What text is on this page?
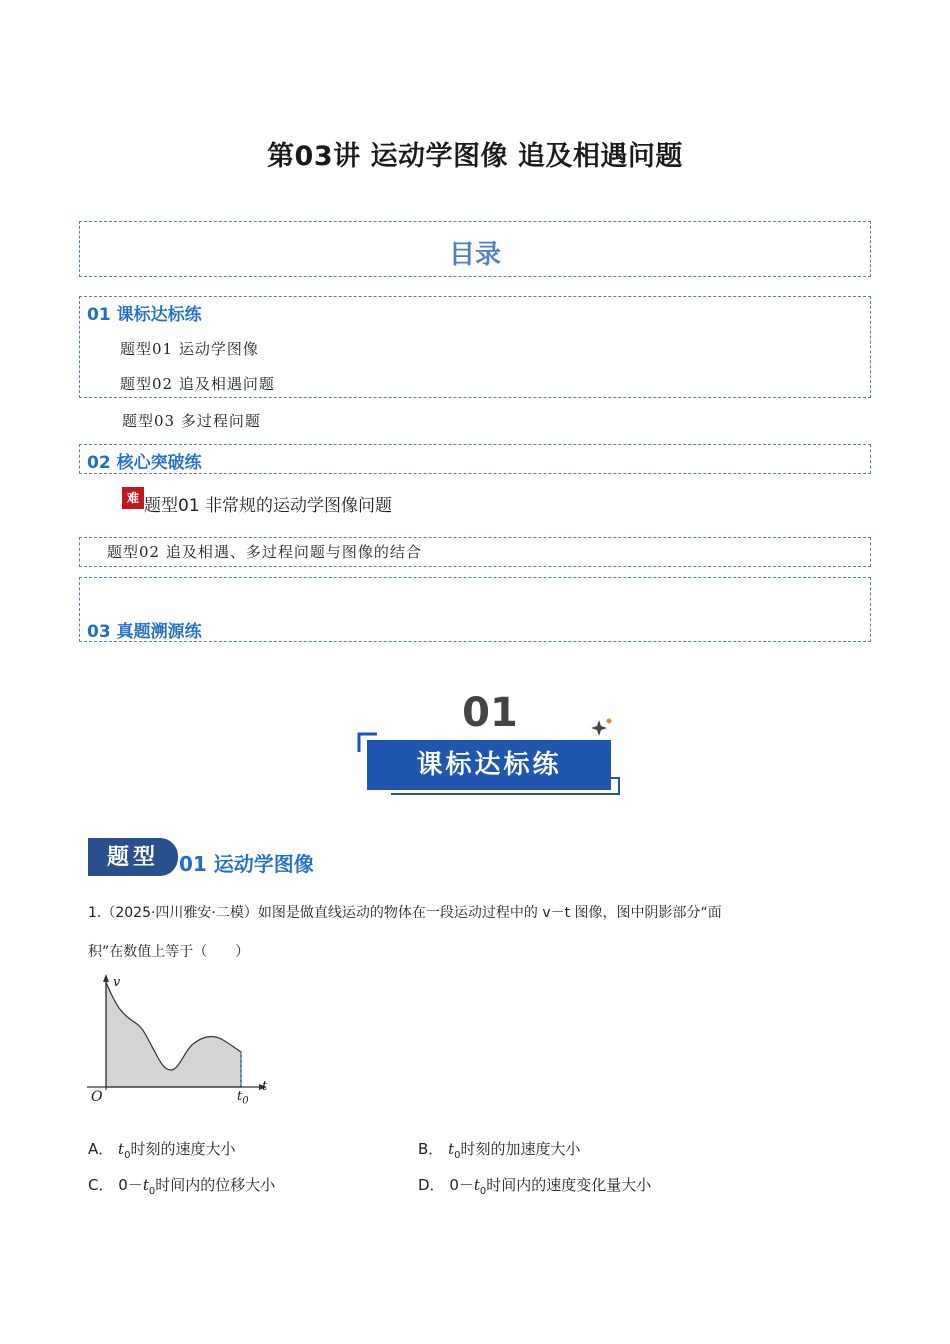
第03讲 运动学图像 追及相遇问题
目录
01 课标达标练
题型01 运动学图像
题型02 追及相遇问题
题型03 多过程问题
02 核心突破练
难 题型01 非常规的运动学图像问题
题型02 追及相遇、多过程问题与图像的结合
03 真题溯源练
01
课标达标练
题型	01 运动学图像
1.（2025·四川雅安·二模）如图是做直线运动的物体在一段运动过程中的 v－t 图像，图中阴影部分“面
积”在数值上等于（　　）
v
t
O	$t_0$
A． $t_0$时刻的速度大小	B． $t_0$时刻的加速度大小
C． $0-t_0$时间内的位移大小	D． $0-t_0$时间内的速度变化量大小
